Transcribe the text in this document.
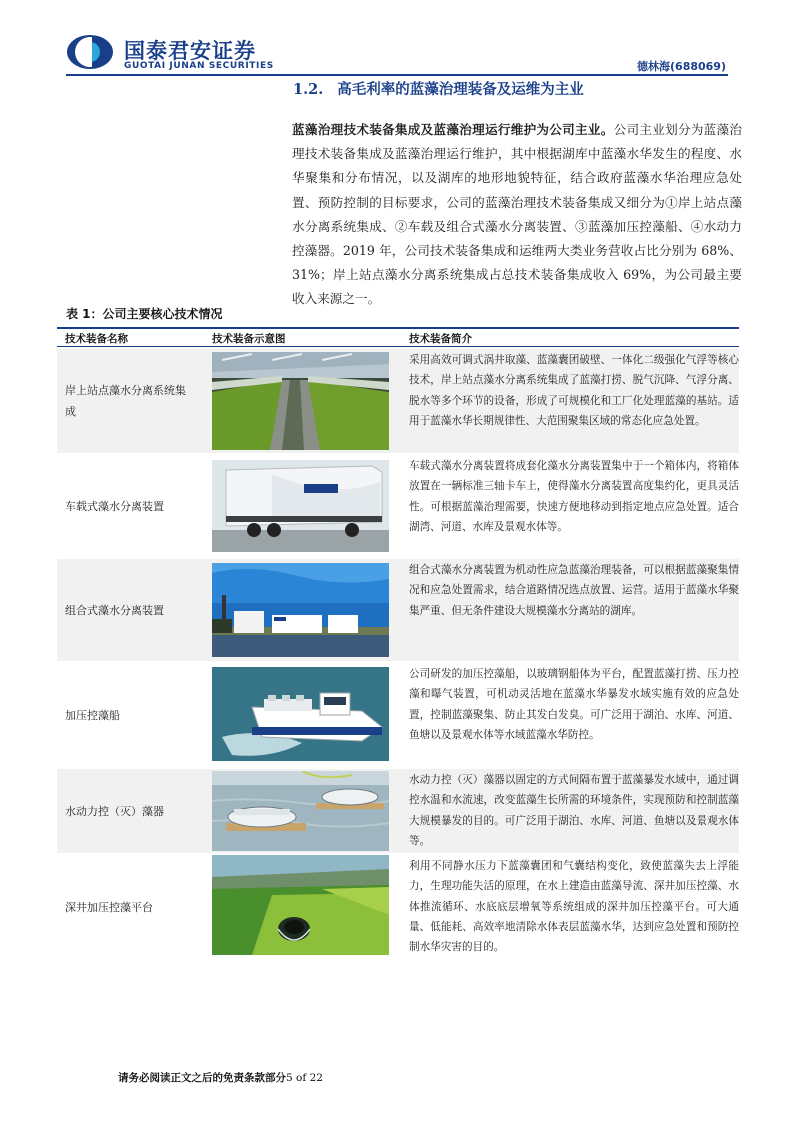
国泰君安证券
GUOTAI JUNAN SECURITIES	德林海(688069)
1.2. 高毛利率的蓝藻治理装备及运维为主业
蓝藻治理技术装备集成及蓝藻治理运行维护为公司主业。公司主业划分为蓝藻治理技术装备集成及蓝藻治理运行维护，其中根据湖库中蓝藻水华发生的程度、水华聚集和分布情况，以及湖库的地形地貌特征，结合政府蓝藻水华治理应急处置、预防控制的目标要求，公司的蓝藻治理技术装备集成又细分为①岸上站点藻水分离系统集成、②车载及组合式藻水分离装置、③蓝藻加压控藻船、④水动力控藻器。2019 年，公司技术装备集成和运维两大类业务营收占比分别为 68%、31%；岸上站点藻水分离系统集成占总技术装备集成收入 69%，为公司最主要收入来源之一。
表 1：公司主要核心技术情况
技术装备名称	技术装备示意图	技术装备简介
岸上站点藻水分离系统集成
采用高效可调式涡井取藻、蓝藻囊团破壁、一体化二级强化气浮等核心技术，岸上站点藻水分离系统集成了蓝藻打捞、脱气沉降、气浮分离、脱水等多个环节的设备，形成了可规模化和工厂化处理蓝藻的基站。适用于蓝藻水华长期规律性、大范围聚集区域的常态化应急处置。
车载式藻水分离装置
车载式藻水分离装置将成套化藻水分离装置集中于一个箱体内，将箱体放置在一辆标准三轴卡车上，使得藻水分离装置高度集约化，更具灵活性。可根据蓝藻治理需要，快速方便地移动到指定地点应急处置。适合湖湾、河道、水库及景观水体等。
组合式藻水分离装置
组合式藻水分离装置为机动性应急蓝藻治理装备，可以根据蓝藻聚集情况和应急处置需求，结合道路情况选点放置、运营。适用于蓝藻水华聚集严重、但无条件建设大规模藻水分离站的湖库。
加压控藻船
公司研发的加压控藻船，以玻璃钢船体为平台，配置蓝藻打捞、压力控藻和曝气装置，可机动灵活地在蓝藻水华暴发水域实施有效的应急处置，控制蓝藻聚集、防止其发白发臭。可广泛用于湖泊、水库、河道、鱼塘以及景观水体等水域蓝藻水华防控。
水动力控（灭）藻器
水动力控（灭）藻器以固定的方式间隔布置于蓝藻暴发水域中，通过调控水温和水流速，改变蓝藻生长所需的环境条件，实现预防和控制蓝藻大规模暴发的目的。可广泛用于湖泊、水库、河道、鱼塘以及景观水体等。
深井加压控藻平台
利用不同静水压力下蓝藻囊团和气囊结构变化，致使蓝藻失去上浮能力，生理功能失活的原理，在水上建造由蓝藻导流、深井加压控藻、水体推流循环、水底底层增氧等系统组成的深井加压控藻平台。可大通量、低能耗、高效率地清除水体表层蓝藻水华，达到应急处置和预防控制水华灾害的目的。
请务必阅读正文之后的免责条款部分5 of 22
